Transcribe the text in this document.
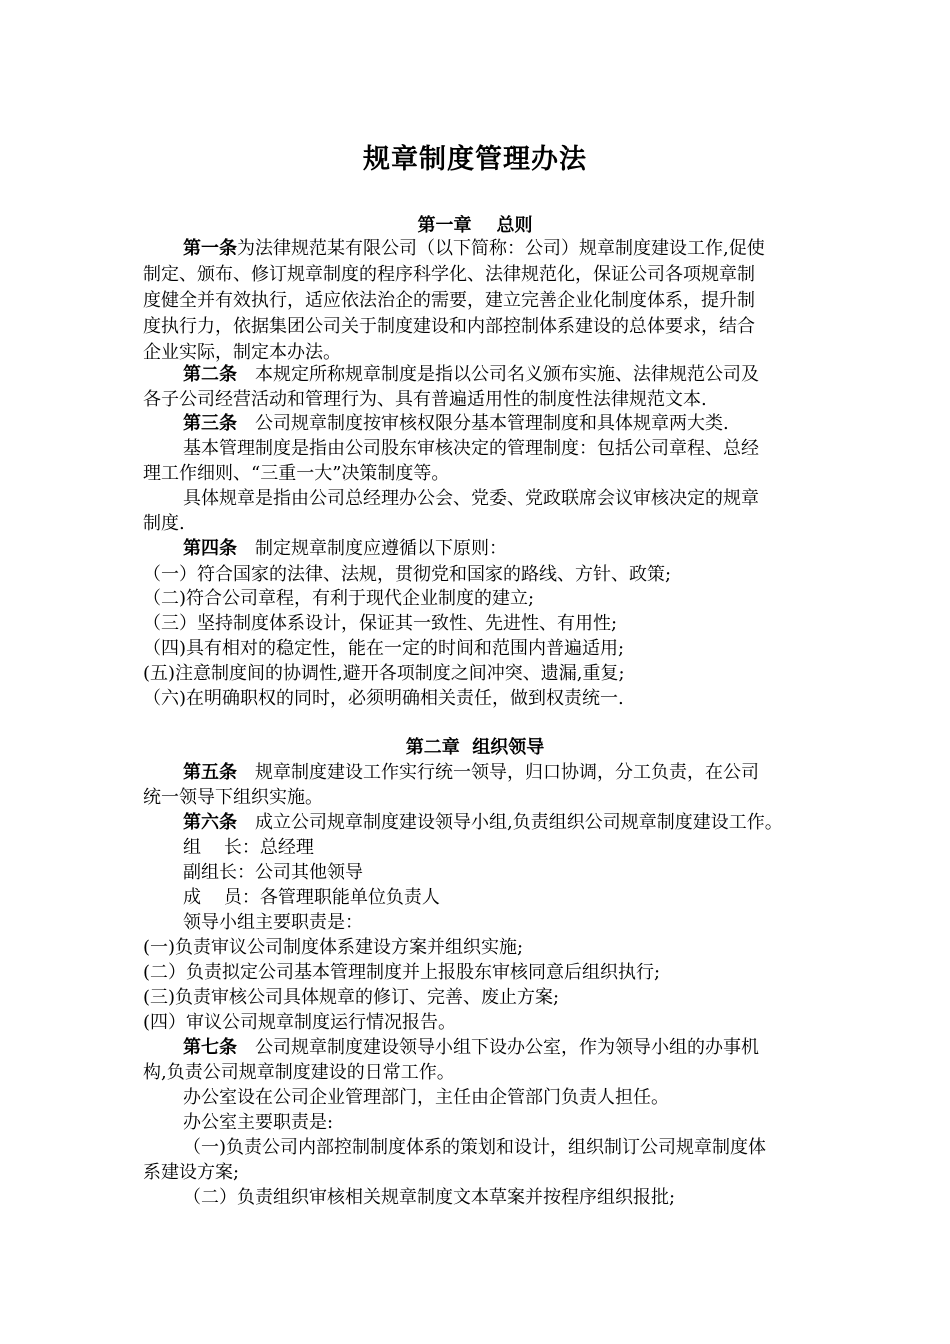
规章制度管理办法
第一章    总则
第一条为法律规范某有限公司（以下简称：公司）规章制度建设工作,促使
制定、颁布、修订规章制度的程序科学化、法律规范化，保证公司各项规章制
度健全并有效执行，适应依法治企的需要，建立完善企业化制度体系，提升制
度执行力，依据集团公司关于制度建设和内部控制体系建设的总体要求，结合
企业实际，制定本办法。
第二条 本规定所称规章制度是指以公司名义颁布实施、法律规范公司及
各子公司经营活动和管理行为、具有普遍适用性的制度性法律规范文本.
第三条 公司规章制度按审核权限分基本管理制度和具体规章两大类.
基本管理制度是指由公司股东审核决定的管理制度：包括公司章程、总经
理工作细则、“三重一大”决策制度等。
具体规章是指由公司总经理办公会、党委、党政联席会议审核决定的规章
制度.
第四条 制定规章制度应遵循以下原则：
（一）符合国家的法律、法规，贯彻党和国家的路线、方针、政策;
（二)符合公司章程，有利于现代企业制度的建立;
（三）坚持制度体系设计，保证其一致性、先进性、有用性;
（四)具有相对的稳定性，能在一定的时间和范围内普遍适用;
(五)注意制度间的协调性,避开各项制度之间冲突、遗漏,重复;
（六)在明确职权的同时，必须明确相关责任，做到权责统一.
第二章  组织领导
第五条 规章制度建设工作实行统一领导，归口协调，分工负责，在公司
统一领导下组织实施。
第六条 成立公司规章制度建设领导小组,负责组织公司规章制度建设工作。
组    长：总经理
副组长：公司其他领导
成    员：各管理职能单位负责人
领导小组主要职责是：
(一)负责审议公司制度体系建设方案并组织实施;
(二）负责拟定公司基本管理制度并上报股东审核同意后组织执行;
(三)负责审核公司具体规章的修订、完善、废止方案;
(四）审议公司规章制度运行情况报告。
第七条 公司规章制度建设领导小组下设办公室，作为领导小组的办事机
构,负责公司规章制度建设的日常工作。
办公室设在公司企业管理部门，主任由企管部门负责人担任。
办公室主要职责是:
（一)负责公司内部控制制度体系的策划和设计，组织制订公司规章制度体
系建设方案;
（二）负责组织审核相关规章制度文本草案并按程序组织报批;
